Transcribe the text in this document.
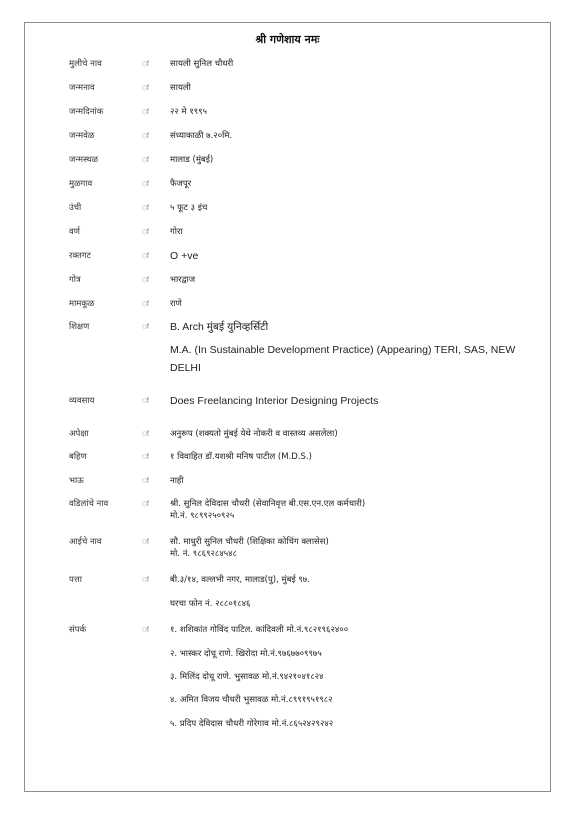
श्री गणेशाय नमः
मुलीचे नाव	ः सायली सुनिल चौधरी
जन्मनाव	ः सायली
जन्मदिनांक	ः २२ मे १९९५
जन्मवेळ	ः संध्याकाळी ७.२०मि.
जन्मस्थळ	ः मालाड (मुंबई)
मुळगाव	ः फैजपूर
उंची	ः ५ फूट ३ इंच
वर्ण	ः गोरा
रक्तगट	ः O +ve
गोत्र	ः भारद्वाज
मामकूळ	ः राणे
शिक्षण	ः B. Arch मुंबई युनिव्हर्सिटी
M.A. (In Sustainable Development Practice) (Appearing) TERI, SAS, NEW DELHI
व्यवसाय	ः Does Freelancing Interior Designing Projects
अपेक्षा	ः अनुरूप (शक्यतो मुंबई येथे नोकरी व वास्तव्य असलेला)
बहिण	ः १ विवाहित डॉ.यशश्री मनिष पाटील (M.D.S.)
भाऊ	ः नाही
वडिलांचे नाव	ः श्री. सुनिल देविदास चौधरी (सेवानिवृत्त बी.एस.एन.एल कर्मचारी)
मो.नं. ९८९९२५०९२५
आईचे नाव	ः सौ. माधुरी सुनिल चौधरी (शिक्षिका कोचिंग क्लासेस)
मो. नं. ९८६९२८४५४८
पत्ता	ः बी.३/१४, वल्लभी नगर, मालाड(पु), मुंबई ९७.
घरचा फोन नं. २८८०१८४६
संपर्क	ः १. शशिकांत गोविंद पाटिल. कांदिवली मो.नं.९८२१९६२४००
२. भास्कर दोधू राणे. खिरोदा मो.नं.९७६७७०९९७५
३. मिलिंद दोधू राणे. भुसावळ मो.नं.९४२१०४१८२४
४. अमित विजय चौधरी भुसावळ मो.नं.८९९१९५१९८२
५. प्रदिप देविदास चौधरी गोरेगाव मो.नं.८६५२४२९२४२
